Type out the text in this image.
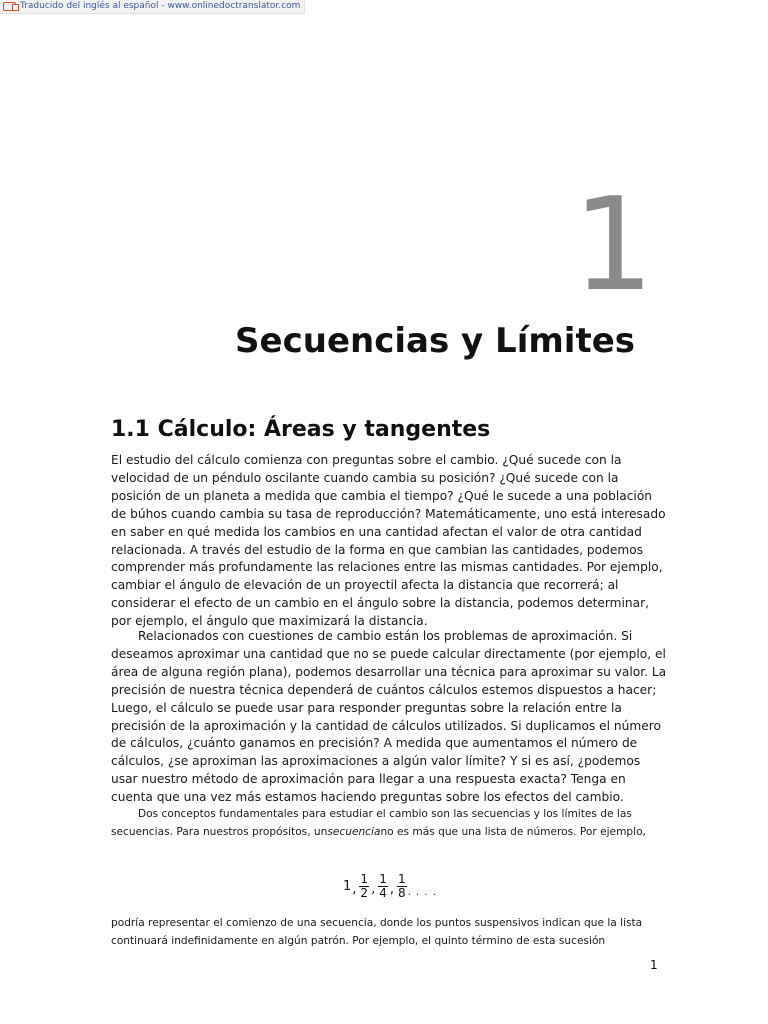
Traducido del inglés al español - www.onlinedoctranslator.com
1
Secuencias y Límites
1.1 Cálculo: Áreas y tangentes

El estudio del cálculo comienza con preguntas sobre el cambio. ¿Qué sucede con la velocidad de un péndulo oscilante cuando cambia su posición? ¿Qué sucede con la posición de un planeta a medida que cambia el tiempo? ¿Qué le sucede a una población de búhos cuando cambia su tasa de reproducción? Matemáticamente, uno está interesado en saber en qué medida los cambios en una cantidad afectan el valor de otra cantidad relacionada. A través del estudio de la forma en que cambian las cantidades, podemos comprender más profundamente las relaciones entre las mismas cantidades. Por ejemplo, cambiar el ángulo de elevación de un proyectil afecta la distancia que recorrerá; al considerar el efecto de un cambio en el ángulo sobre la distancia, podemos determinar, por ejemplo, el ángulo que maximizará la distancia.

Relacionados con cuestiones de cambio están los problemas de aproximación. Si deseamos aproximar una cantidad que no se puede calcular directamente (por ejemplo, el área de alguna región plana), podemos desarrollar una técnica para aproximar su valor. La precisión de nuestra técnica dependerá de cuántos cálculos estemos dispuestos a hacer; Luego, el cálculo se puede usar para responder preguntas sobre la relación entre la precisión de la aproximación y la cantidad de cálculos utilizados. Si duplicamos el número de cálculos, ¿cuánto ganamos en precisión? A medida que aumentamos el número de cálculos, ¿se aproximan las aproximaciones a algún valor límite? Y si es así, ¿podemos usar nuestro método de aproximación para llegar a una respuesta exacta? Tenga en cuenta que una vez más estamos haciendo preguntas sobre los efectos del cambio.

Dos conceptos fundamentales para estudiar el cambio son las secuencias y los límites de las secuencias. Para nuestros propósitos, unsecuenciano es más que una lista de números. Por ejemplo,

1 , $\frac{1}{2}$ , $\frac{1}{4}$ , $\frac{1}{8}$ . . . .

podría representar el comienzo de una secuencia, donde los puntos suspensivos indican que la lista continuará indefinidamente en algún patrón. Por ejemplo, el quinto término de esta sucesión

1
